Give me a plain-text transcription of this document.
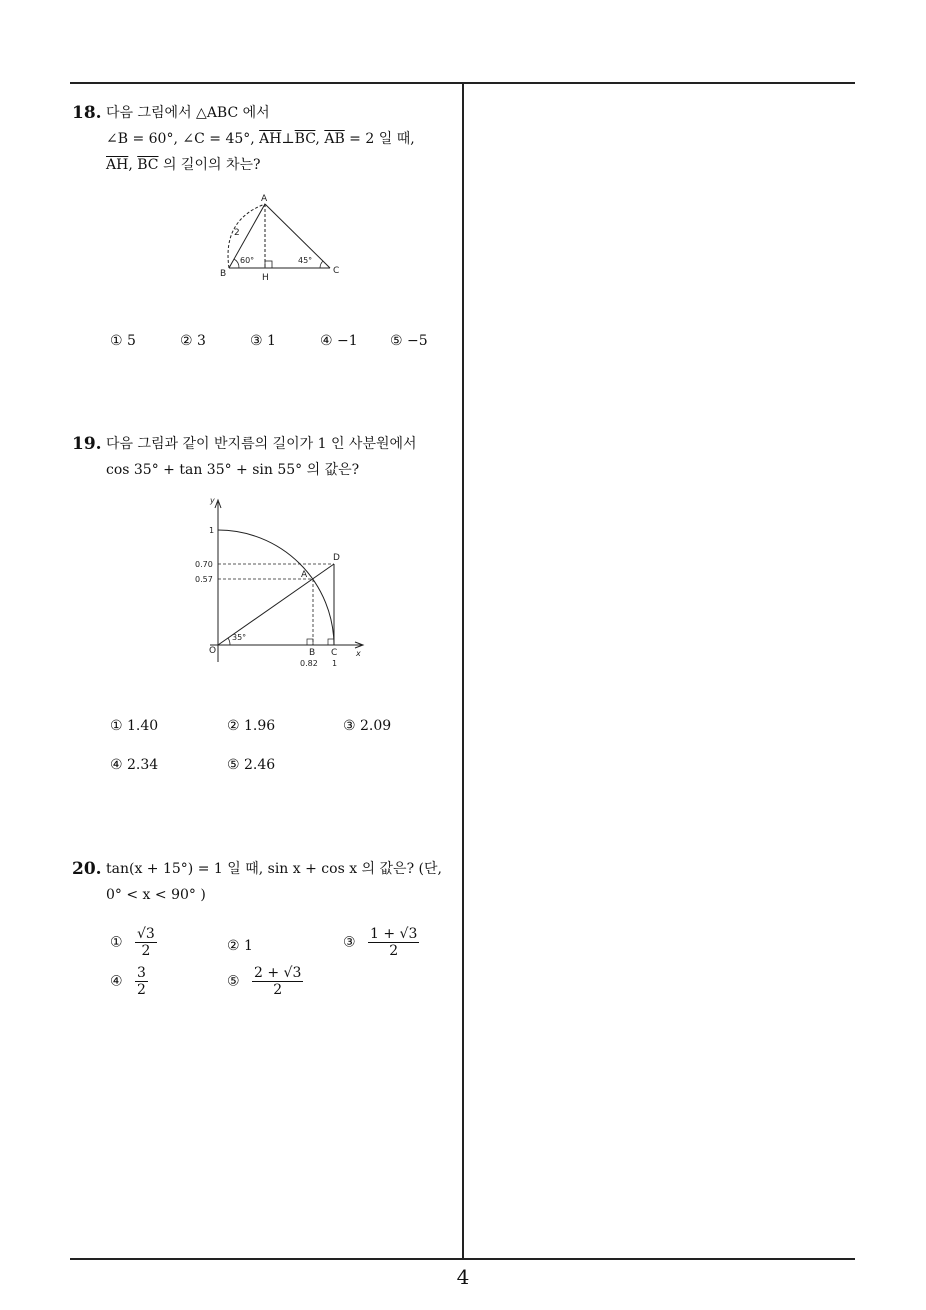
18. 다음 그림에서 △ABC 에서
∠B = 60°, ∠C = 45°, $\overline{AH}\perp\overline{BC}$, $\overline{AB} = 2$ 일 때,
$\overline{AH}$, $\overline{BC}$ 의 길이의 차는?
A
B	C
H
2
60°	45°
① 5	② 3	③ 1	④ −1 ⑤ −5
19. 다음 그림과 같이 반지름의 길이가 1 인 사분원에서
cos 35° + tan 35° + sin 55° 의 값은?
y
x
1
0.70
0.57
O
D
A
B C
0.82 1
35°
① 1.40	② 1.96	③ 2.09
④ 2.34	⑤ 2.46
20. tan(x + 15°) = 1 일 때, sin x + cos x 의 값은? (단,
0° < x < 90° )
① $\frac{√3}{2}$	② 1	③ $\frac{1 + √3}{2}$
④ $\frac{3}{2}$	⑤ $\frac{2 + √3}{2}$
4
